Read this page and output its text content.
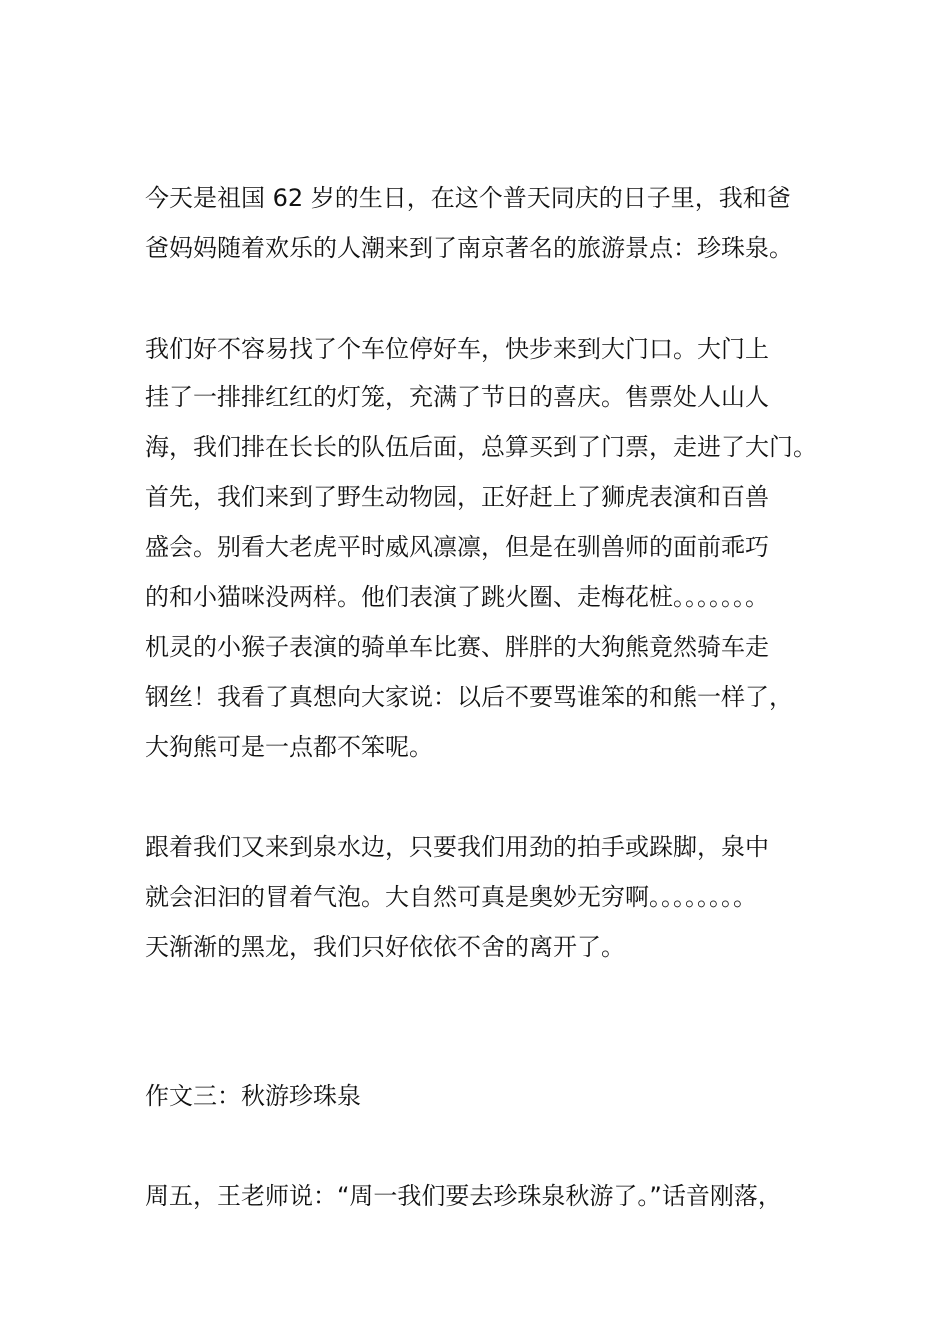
今天是祖国 62 岁的生日，在这个普天同庆的日子里，我和爸
爸妈妈随着欢乐的人潮来到了南京著名的旅游景点：珍珠泉。
我们好不容易找了个车位停好车，快步来到大门口。大门上
挂了一排排红红的灯笼，充满了节日的喜庆。售票处人山人
海，我们排在长长的队伍后面，总算买到了门票，走进了大门。
首先，我们来到了野生动物园，正好赶上了狮虎表演和百兽
盛会。别看大老虎平时威风凛凛，但是在驯兽师的面前乖巧
的和小猫咪没两样。他们表演了跳火圈、走梅花桩。。。。。。。
机灵的小猴子表演的骑单车比赛、胖胖的大狗熊竟然骑车走
钢丝！我看了真想向大家说：以后不要骂谁笨的和熊一样了，
大狗熊可是一点都不笨呢。
跟着我们又来到泉水边，只要我们用劲的拍手或跺脚，泉中
就会汩汩的冒着气泡。大自然可真是奥妙无穷啊。。。。。。。。
天渐渐的黑龙，我们只好依依不舍的离开了。
作文三：秋游珍珠泉
周五，王老师说：“周一我们要去珍珠泉秋游了。”话音刚落，
